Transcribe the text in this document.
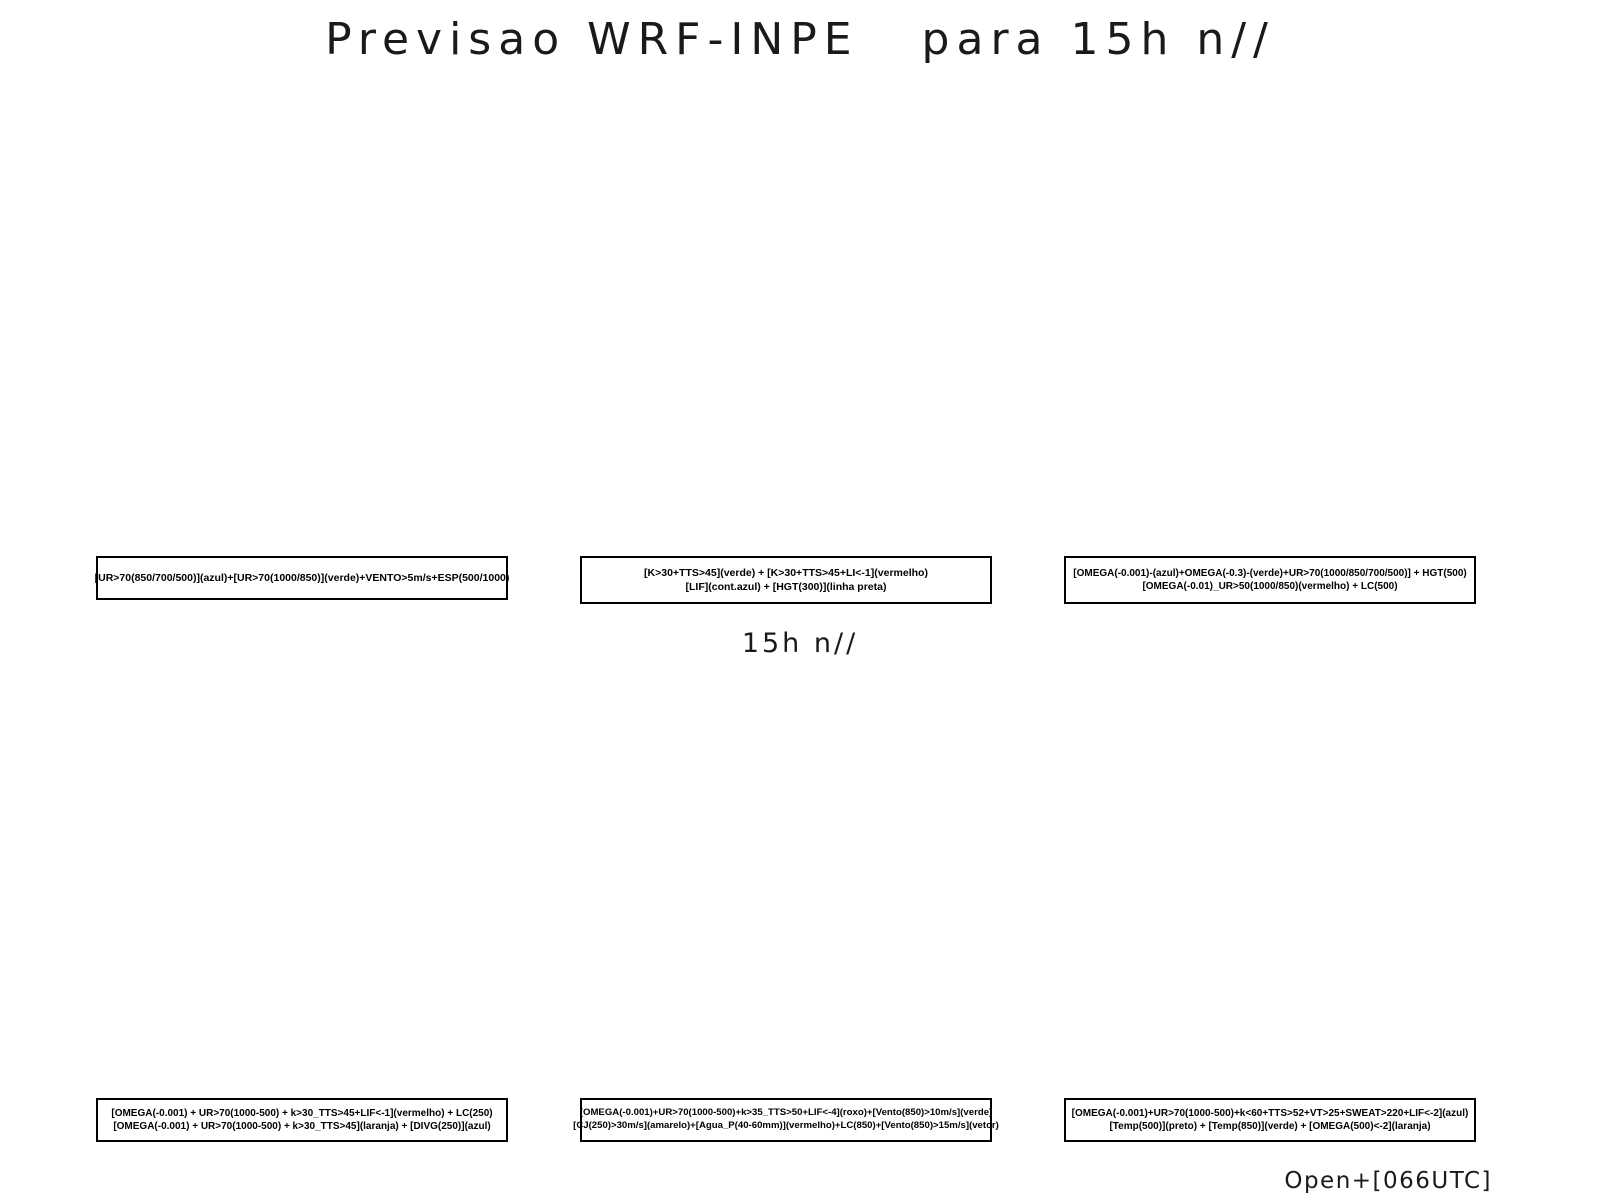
Previsao WRF-INPE   para 15h n//
[UR>70(850/700/500)](azul)+[UR>70(1000/850)](verde)+VENTO>5m/s+ESP(500/1000)	[K>30+TTS>45](verde) + [K>30+TTS>45+LI<-1](vermelho)
[LIF](cont.azul) + [HGT(300)](linha preta)
[OMEGA(-0.001)-(azul)+OMEGA(-0.3)-(verde)+UR>70(1000/850/700/500)] + HGT(500)
[OMEGA(-0.01)_UR>50(1000/850)(vermelho) + LC(500)
15h n//
[OMEGA(-0.001) + UR>70(1000-500) + k>30_TTS>45+LIF<-1](vermelho) + LC(250)
[OMEGA(-0.001) + UR>70(1000-500) + k>30_TTS>45](laranja) + [DIVG(250)](azul)
[OMEGA(-0.001)+UR>70(1000-500)+k>35_TTS>50+LIF<-4](roxo)+[Vento(850)>10m/s](verde)
[CJ(250)>30m/s](amarelo)+[Agua_P(40-60mm)](vermelho)+LC(850)+[Vento(850)>15m/s](vetor)
[OMEGA(-0.001)+UR>70(1000-500)+k<60+TTS>52+VT>25+SWEAT>220+LIF<-2](azul)
[Temp(500)](preto) + [Temp(850)](verde) + [OMEGA(500)<-2](laranja)
Open+[066UTC]
